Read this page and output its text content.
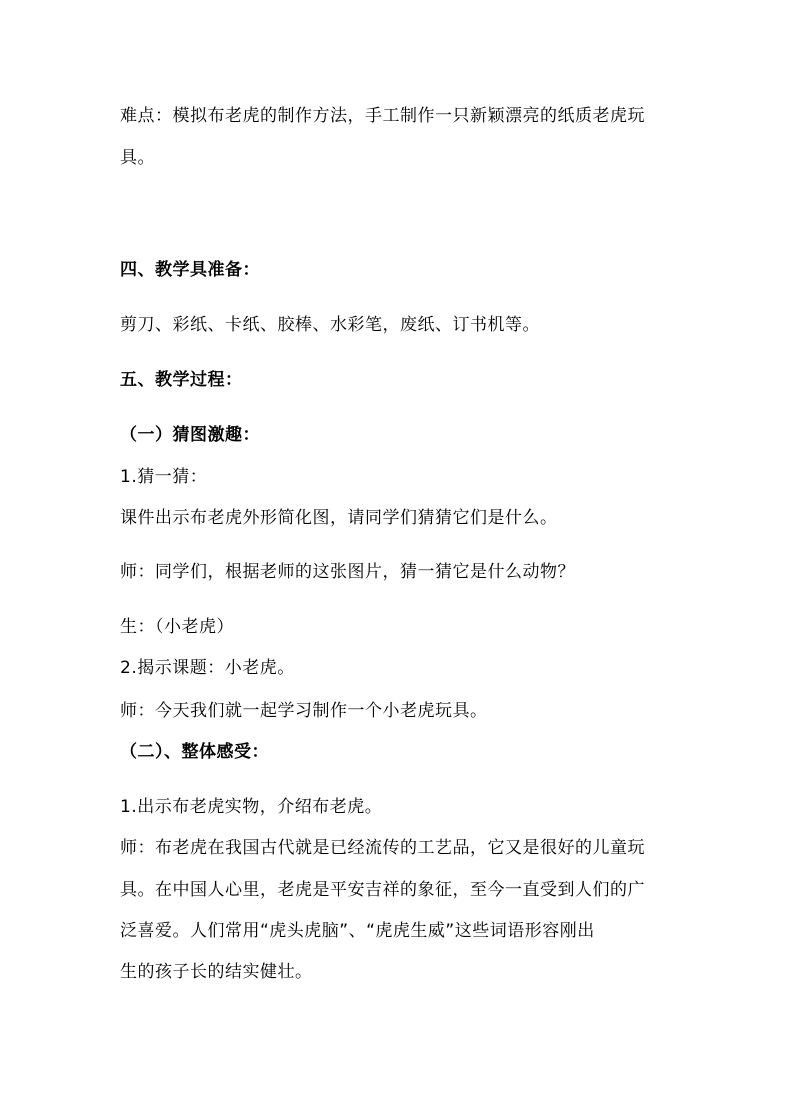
难点：模拟布老虎的制作方法，手工制作一只新颖漂亮的纸质老虎玩
具。
四、教学具准备：
剪刀、彩纸、卡纸、胶棒、水彩笔，废纸、订书机等。
五、教学过程：
（一）猜图激趣：
1.猜一猜：
课件出示布老虎外形简化图，请同学们猜猜它们是什么。
师：同学们，根据老师的这张图片，猜一猜它是什么动物？
生：（小老虎）
2.揭示课题：小老虎。
师：今天我们就一起学习制作一个小老虎玩具。
（二）、整体感受：
1.出示布老虎实物，介绍布老虎。
师：布老虎在我国古代就是已经流传的工艺品，它又是很好的儿童玩
具。在中国人心里，老虎是平安吉祥的象征，至今一直受到人们的广
泛喜爱。人们常用“虎头虎脑”、“虎虎生威”这些词语形容刚出
生的孩子长的结实健壮。
